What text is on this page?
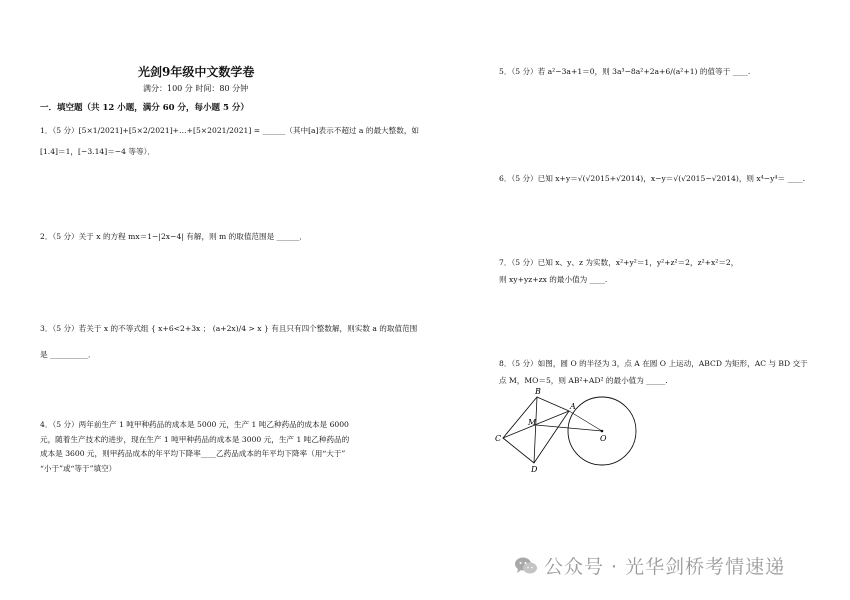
光剑9年级中文数学卷
满分：100 分 时间：80 分钟
一．填空题（共 12 小题，满分 60 分，每小题 5 分）
1．（5 分）[5×1/2021]+[5×2/2021]+…+[5×2021/2021] = ______（其中[a]表示不超过 a 的最大整数，如
[1.4]＝1，[−3.14]＝−4 等等）．
2．（5 分）关于 x 的方程 mx＝1−|2x−4| 有解，则 m 的取值范围是 ______．
3．（5 分）若关于 x 的不等式组 { x+6<2+3x ； (a+2x)/4 > x } 有且只有四个整数解，则实数 a 的取值范围
是 __________．
4．（5 分）两年前生产 1 吨甲种药品的成本是 5000 元，生产 1 吨乙种药品的成本是 6000
元，随着生产技术的进步，现在生产 1 吨甲种药品的成本是 3000 元，生产 1 吨乙种药品的
成本是 3600 元，则甲药品成本的年平均下降率____乙药品成本的年平均下降率（用“大于”
“小于”或“等于”填空）
5．（5 分）若 a²−3a+1＝0，则 3a³−8a²+2a+6/(a²+1) 的值等于 ____.
6．（5 分）已知 x+y＝√(√2015+√2014)，x−y＝√(√2015−√2014)，则 x⁴−y⁴＝ ____.
7．（5 分）已知 x、y、z 为实数，x²+y²＝1，y²+z²＝2，z²+x²＝2，
则 xy+yz+zx 的最小值为 ____.
8．（5 分）如图，圆 O 的半径为 3，点 A 在圆 O 上运动，ABCD 为矩形，AC 与 BD 交于
点 M，MO＝5，则 AB²+AD² 的最小值为 _____.
A
B
C
D
M
O
公众号 · 光华剑桥考情速递
